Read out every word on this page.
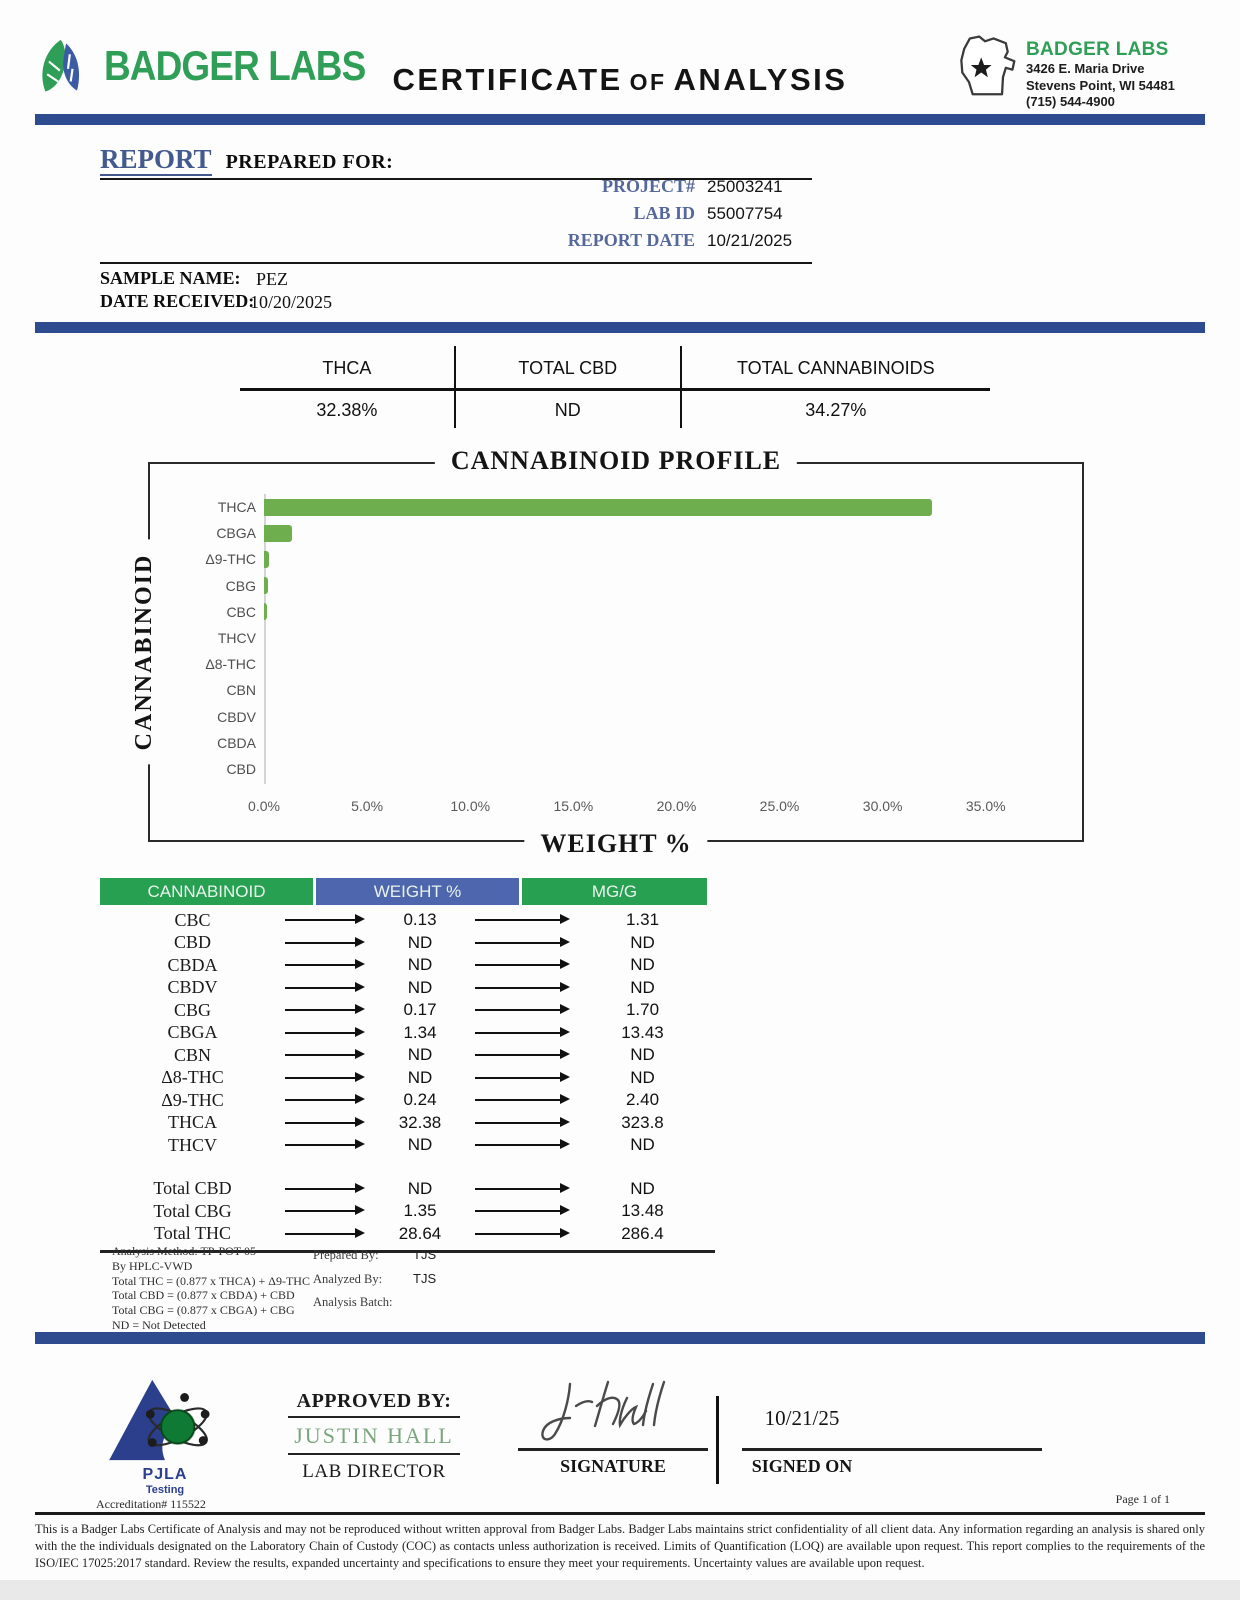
BADGER LABS CERTIFICATE OF ANALYSIS
BADGER LABS
3426 E. Maria Drive
Stevens Point, WI 54481
(715) 544-4900
REPORT PREPARED FOR:
PROJECT# 25003241
LAB ID 55007754
REPORT DATE 10/21/2025
SAMPLE NAME: PEZ
DATE RECEIVED:
10/20/2025
THCA
32.38%
TOTAL CBD
ND
TOTAL CANNABINOIDS
34.27%
CANNABINOID PROFILE
CANNABINOID
WEIGHT %
THCA
CBGA
Δ9-THC
CBG
CBC
THCV
Δ8-THC
CBN
CBDV
CBDA
CBD
0.0%	5.0%	10.0%	15.0%	20.0%	25.0%	30.0%	35.0%
CANNABINOID	WEIGHT %	MG/G
CBC	0.13	1.31
CBD	ND	ND
CBDA	ND	ND
CBDV	ND	ND
CBG	0.17	1.70
CBGA	1.34	13.43
CBN	ND	ND
Δ8-THC	ND	ND
Δ9-THC	0.24	2.40
THCA	32.38	323.8
THCV	ND	ND
Total CBD	ND	ND
Total CBG	1.35	13.48
Total THC	28.64	286.4
Analysis Method: TP-POT-05
By HPLC-VWD
Total THC = (0.877 x THCA) + Δ9-THC
Total CBD = (0.877 x CBDA) + CBD
Total CBG = (0.877 x CBGA) + CBG
ND = Not Detected
Prepared By:	TJS
Analyzed By:	TJS
Analysis Batch:
PJLA
Testing
Accreditation# 115522
APPROVED BY:
JUSTIN HALL
LAB DIRECTOR	SIGNATURE
10/21/25
SIGNED ON
Page 1 of 1
This is a Badger Labs Certificate of Analysis and may not be reproduced without written approval from Badger Labs. Badger Labs maintains strict confidentiality of all client data. Any information regarding an analysis is shared only with the the individuals designated on the Laboratory Chain of Custody (COC) as contacts unless authorization is received. Limits of Quantification (LOQ) are available upon request. This report complies to the requirements of the ISO/IEC 17025:2017 standard. Review the results, expanded uncertainty and specifications to ensure they meet your requirements. Uncertainty values are available upon request.
